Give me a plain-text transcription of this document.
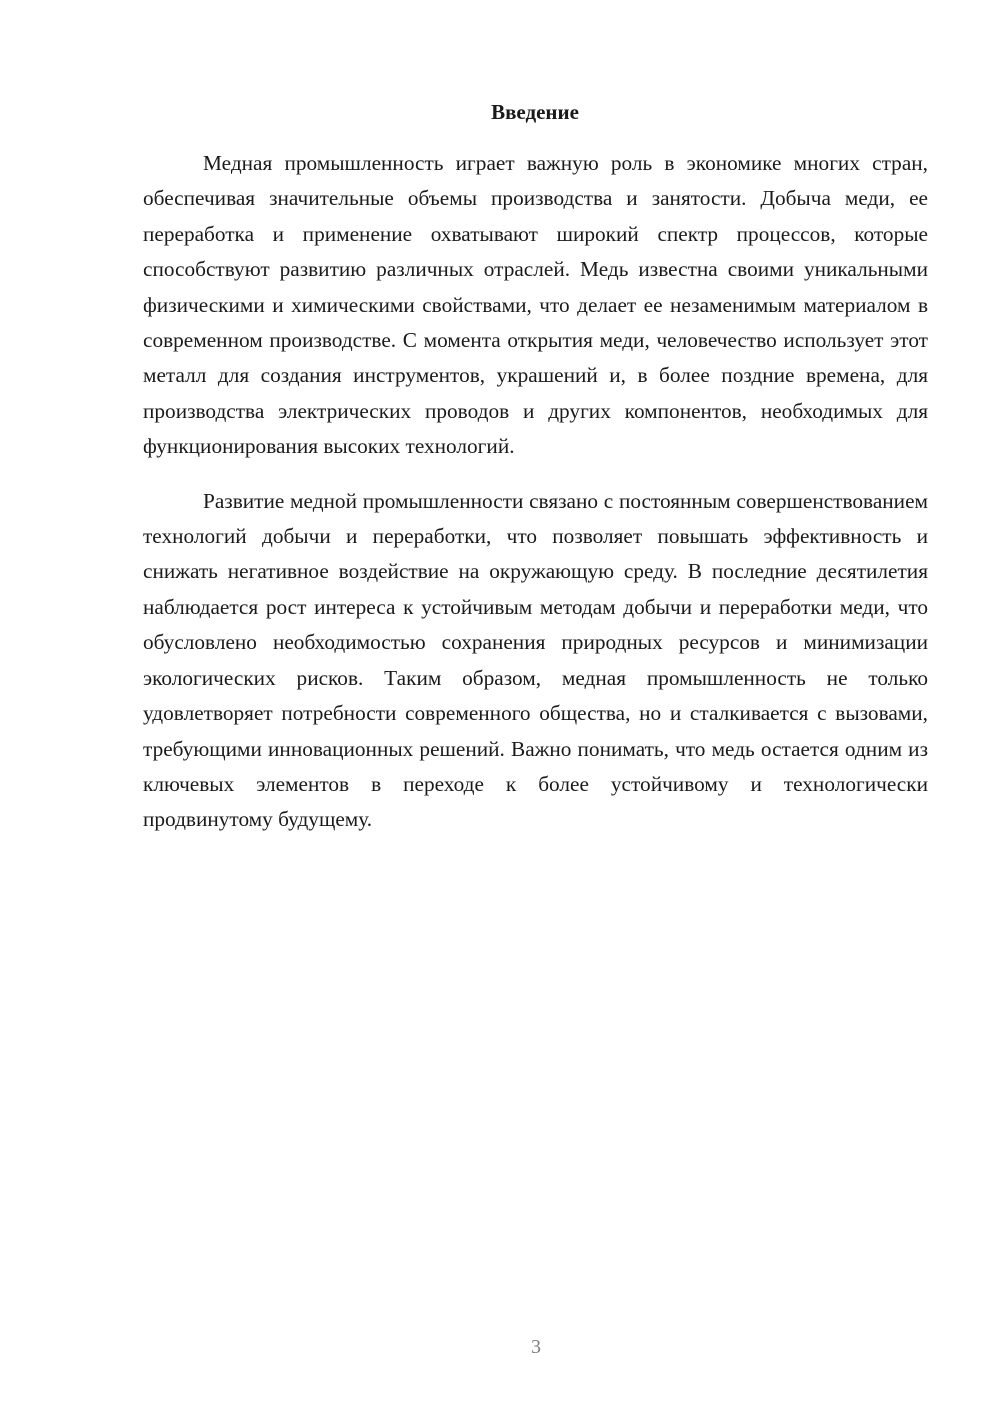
Введение

Медная промышленность играет важную роль в экономике многих стран, обеспечивая значительные объемы производства и занятости. Добыча меди, ее переработка и применение охватывают широкий спектр процессов, которые способствуют развитию различных отраслей. Медь известна своими уникальными физическими и химическими свойствами, что делает ее незаменимым материалом в современном производстве. С момента открытия меди, человечество использует этот металл для создания инструментов, украшений и, в более поздние времена, для производства электрических проводов и других компонентов, необходимых для функционирования высоких технологий.

Развитие медной промышленности связано с постоянным совершенствованием технологий добычи и переработки, что позволяет повышать эффективность и снижать негативное воздействие на окружающую среду. В последние десятилетия наблюдается рост интереса к устойчивым методам добычи и переработки меди, что обусловлено необходимостью сохранения природных ресурсов и минимизации экологических рисков. Таким образом, медная промышленность не только удовлетворяет потребности современного общества, но и сталкивается с вызовами, требующими инновационных решений. Важно понимать, что медь остается одним из ключевых элементов в переходе к более устойчивому и технологически продвинутому будущему.

3
